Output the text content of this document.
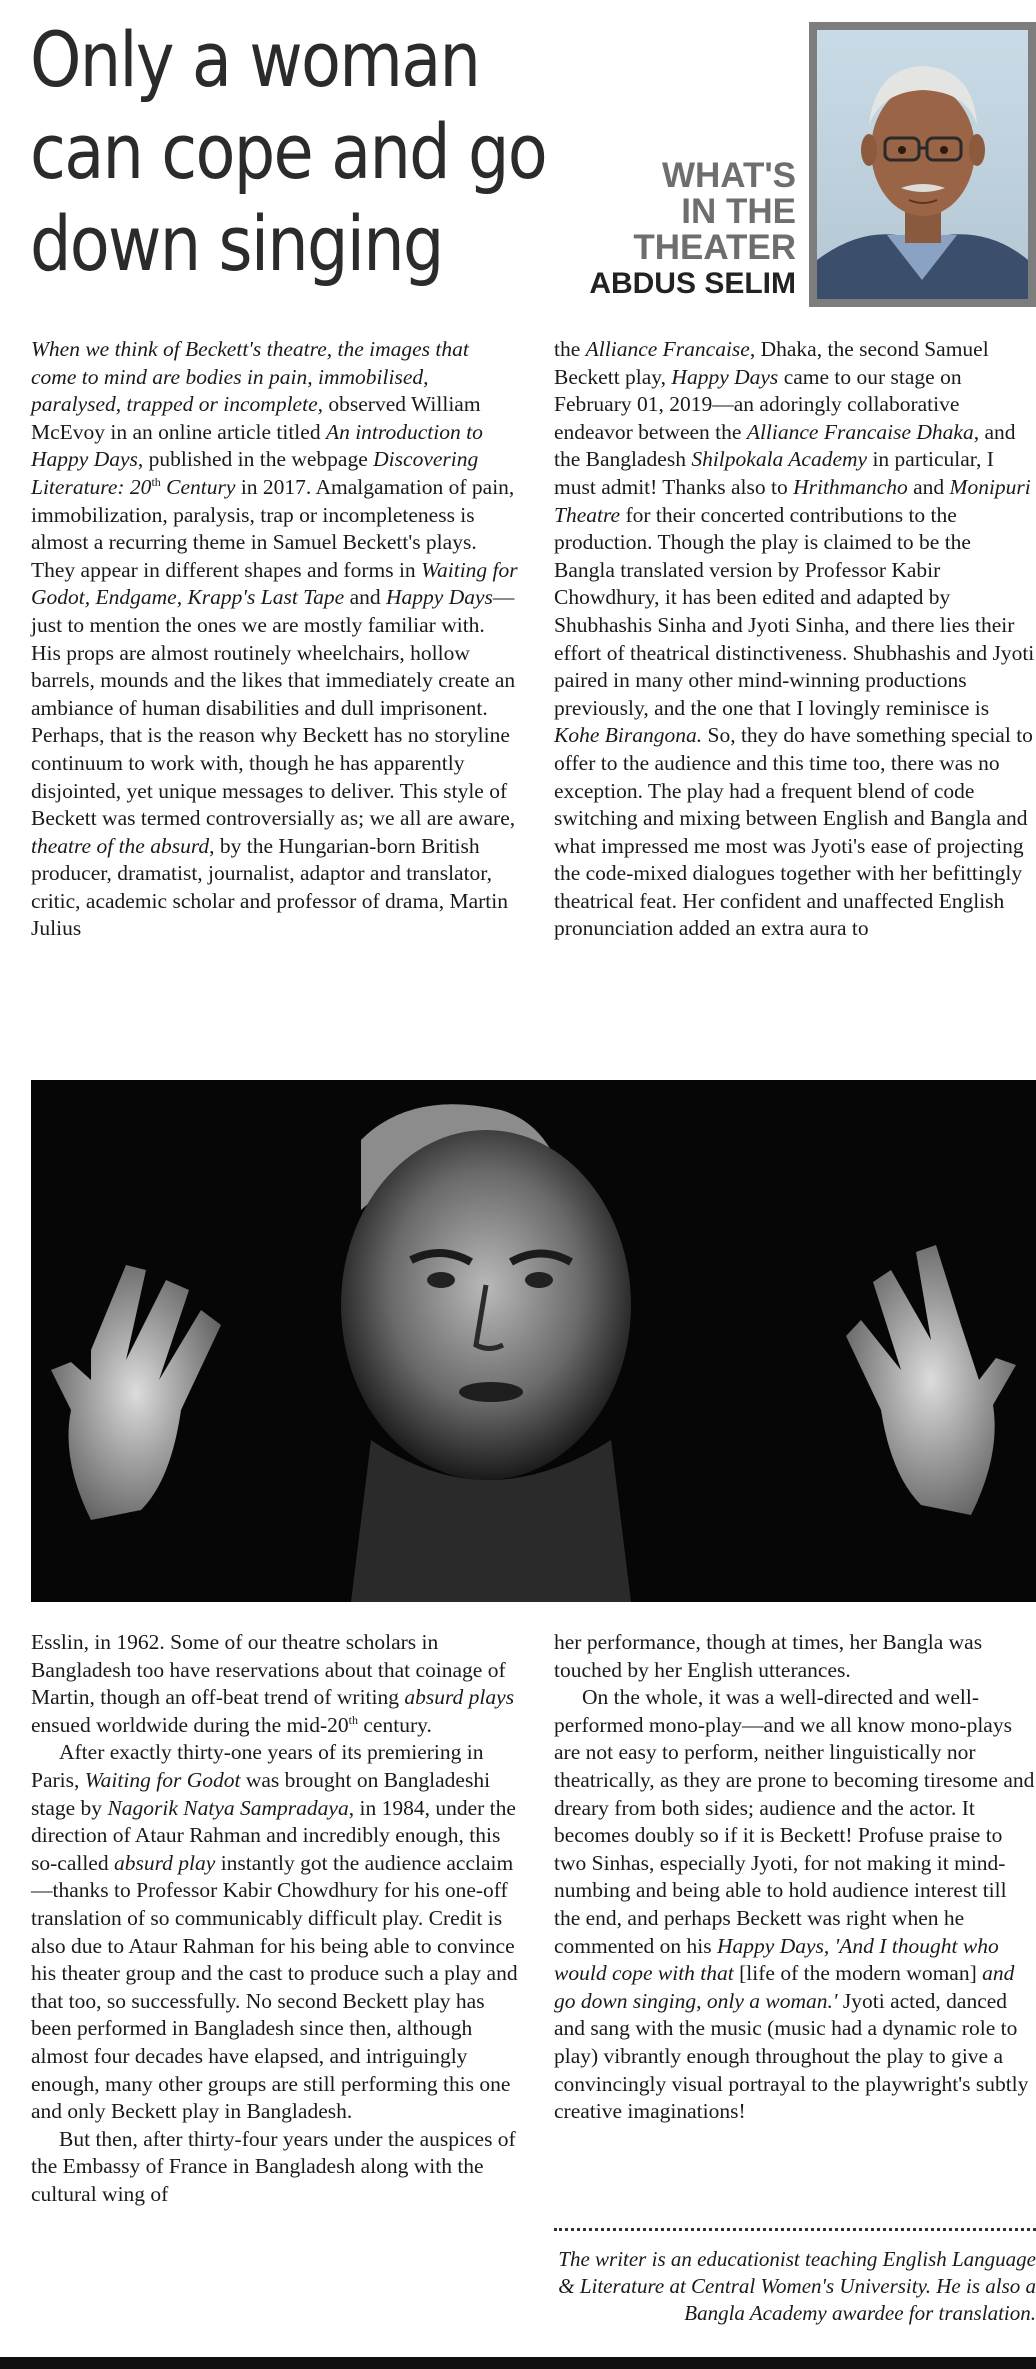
Only a woman
can cope and go
down singing
WHAT'S
IN THE
THEATER
ABDUS SELIM

When we think of Beckett's theatre, the images that come to mind are bodies in pain, immobilised, paralysed, trapped or incomplete, observed William McEvoy in an online article titled An introduction to Happy Days, published in the webpage Discovering Literature: 20th Century in 2017. Amalgamation of pain, immobilization, paralysis, trap or incompleteness is almost a recurring theme in Samuel Beckett's plays. They appear in different shapes and forms in Waiting for Godot, Endgame, Krapp's Last Tape and Happy Days—just to mention the ones we are mostly familiar with. His props are almost routinely wheelchairs, hollow barrels, mounds and the likes that immediately create an ambiance of human disabilities and dull imprisonent. Perhaps, that is the reason why Beckett has no storyline continuum to work with, though he has apparently disjointed, yet unique messages to deliver. This style of Beckett was termed controversially as; we all are aware, theatre of the absurd, by the Hungarian-born British producer, dramatist, journalist, adaptor and translator, critic, academic scholar and professor of drama, Martin Julius

the Alliance Francaise, Dhaka, the second Samuel Beckett play, Happy Days came to our stage on February 01, 2019—an adoringly collaborative endeavor between the Alliance Francaise Dhaka, and the Bangladesh Shilpokala Academy in particular, I must admit! Thanks also to Hrithmancho and Monipuri Theatre for their concerted contributions to the production. Though the play is claimed to be the Bangla translated version by Professor Kabir Chowdhury, it has been edited and adapted by Shubhashis Sinha and Jyoti Sinha, and there lies their effort of theatrical distinctiveness. Shubhashis and Jyoti paired in many other mind-winning productions previously, and the one that I lovingly reminisce is Kohe Birangona. So, they do have something special to offer to the audience and this time too, there was no exception. The play had a frequent blend of code switching and mixing between English and Bangla and what impressed me most was Jyoti's ease of projecting the code-mixed dialogues together with her befittingly theatrical feat. Her confident and unaffected English pronunciation added an extra aura to

Esslin, in 1962. Some of our theatre scholars in Bangladesh too have reservations about that coinage of Martin, though an off-beat trend of writing absurd plays ensued worldwide during the mid-20th century.

After exactly thirty-one years of its premiering in Paris, Waiting for Godot was brought on Bangladeshi stage by Nagorik Natya Sampradaya, in 1984, under the direction of Ataur Rahman and incredibly enough, this so-called absurd play instantly got the audience acclaim—thanks to Professor Kabir Chowdhury for his one-off translation of so communicably difficult play. Credit is also due to Ataur Rahman for his being able to convince his theater group and the cast to produce such a play and that too, so successfully. No second Beckett play has been performed in Bangladesh since then, although almost four decades have elapsed, and intriguingly enough, many other groups are still performing this one and only Beckett play in Bangladesh.

But then, after thirty-four years under the auspices of the Embassy of France in Bangladesh along with the cultural wing of

her performance, though at times, her Bangla was touched by her English utterances.

On the whole, it was a well-directed and well-performed mono-play—and we all know mono-plays are not easy to perform, neither linguistically nor theatrically, as they are prone to becoming tiresome and dreary from both sides; audience and the actor. It becomes doubly so if it is Beckett! Profuse praise to two Sinhas, especially Jyoti, for not making it mind-numbing and being able to hold audience interest till the end, and perhaps Beckett was right when he commented on his Happy Days, 'And I thought who would cope with that [life of the modern woman] and go down singing, only a woman.' Jyoti acted, danced and sang with the music (music had a dynamic role to play) vibrantly enough throughout the play to give a convincingly visual portrayal to the playwright's subtly creative imaginations!

The writer is an educationist teaching English Language & Literature at Central Women's University. He is also a Bangla Academy awardee for translation.
